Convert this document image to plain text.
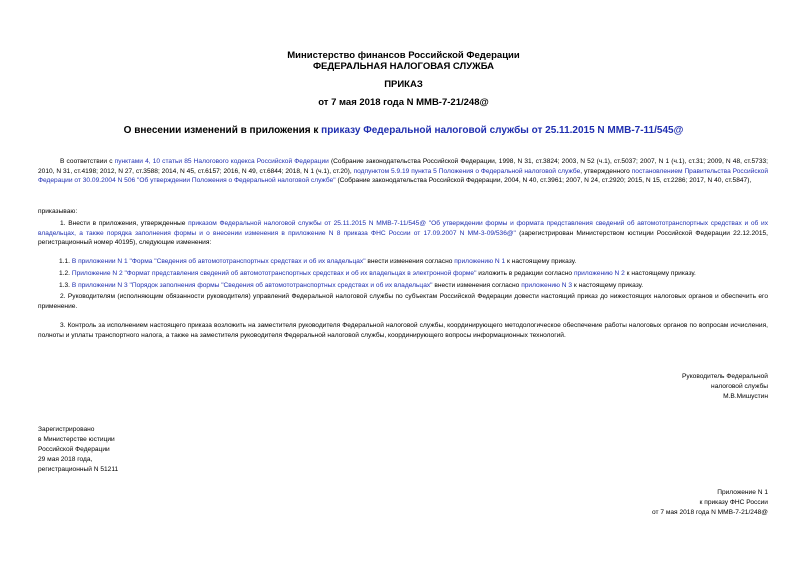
Министерство финансов Российской Федерации
ФЕДЕРАЛЬНАЯ НАЛОГОВАЯ СЛУЖБА
ПРИКАЗ
от 7 мая 2018 года N ММВ-7-21/248@
О внесении изменений в приложения к приказу Федеральной налоговой службы от 25.11.2015 N ММВ-7-11/545@
В соответствии с пунктами 4, 10 статьи 85 Налогового кодекса Российской Федерации (Собрание законодательства Российской Федерации, 1998, N 31, ст.3824; 2003, N 52 (ч.1), ст.5037; 2007, N 1 (ч.1), ст.31; 2009, N 48, ст.5733; 2010, N 31, ст.4198; 2012, N 27, ст.3588; 2014, N 45, ст.6157; 2016, N 49, ст.6844; 2018, N 1 (ч.1), ст.20), подпунктом 5.9.19 пункта 5 Положения о Федеральной налоговой службе, утвержденного постановлением Правительства Российской Федерации от 30.09.2004 N 506 "Об утверждении Положения о Федеральной налоговой службе" (Собрание законодательства Российской Федерации, 2004, N 40, ст.3961; 2007, N 24, ст.2920; 2015, N 15, ст.2286; 2017, N 40, ст.5847),
приказываю:
1. Внести в приложения, утвержденные приказом Федеральной налоговой службы от 25.11.2015 N ММВ-7-11/545@ "Об утверждении формы и формата представления сведений об автомототранспортных средствах и об их владельцах, а также порядка заполнения формы и о внесении изменения в приложение N 8 приказа ФНС России от 17.09.2007 N ММ-3-09/536@" (зарегистрирован Министерством юстиции Российской Федерации 22.12.2015, регистрационный номер 40195), следующие изменения:
1.1. В приложении N 1 "Форма "Сведения об автомототранспортных средствах и об их владельцах" внести изменения согласно приложению N 1 к настоящему приказу.
1.2. Приложение N 2 "Формат представления сведений об автомототранспортных средствах и об их владельцах в электронной форме" изложить в редакции согласно приложению N 2 к настоящему приказу.
1.3. В приложении N 3 "Порядок заполнения формы "Сведения об автомототранспортных средствах и об их владельцах" внести изменения согласно приложению N 3 к настоящему приказу.
2. Руководителям (исполняющим обязанности руководителя) управлений Федеральной налоговой службы по субъектам Российской Федерации довести настоящий приказ до нижестоящих налоговых органов и обеспечить его применение.
3. Контроль за исполнением настоящего приказа возложить на заместителя руководителя Федеральной налоговой службы, координирующего методологическое обеспечение работы налоговых органов по вопросам исчисления, полноты и уплаты транспортного налога, а также на заместителя руководителя Федеральной налоговой службы, координирующего вопросы информационных технологий.
Руководитель Федеральной
налоговой службы
М.В.Мишустин
Зарегистрировано
в Министерстве юстиции
Российской Федерации
29 мая 2018 года,
регистрационный N 51211
Приложение N 1
к приказу ФНС России
от 7 мая 2018 года N ММВ-7-21/248@
